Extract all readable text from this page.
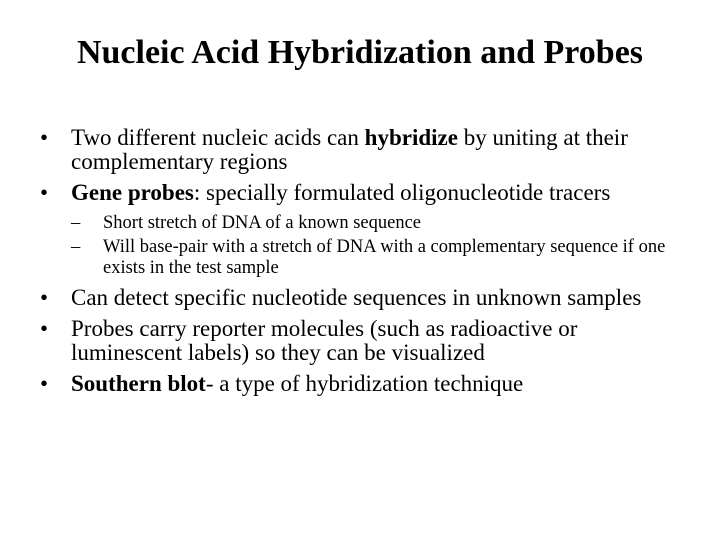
Nucleic Acid Hybridization and Probes
• Two different nucleic acids can hybridize by uniting at their complementary regions
• Gene probes: specially formulated oligonucleotide tracers
– Short stretch of DNA of a known sequence
– Will base-pair with a stretch of DNA with a complementary sequence if one exists in the test sample
• Can detect specific nucleotide sequences in unknown samples
• Probes carry reporter molecules (such as radioactive or luminescent labels) so they can be visualized
• Southern blot- a type of hybridization technique
